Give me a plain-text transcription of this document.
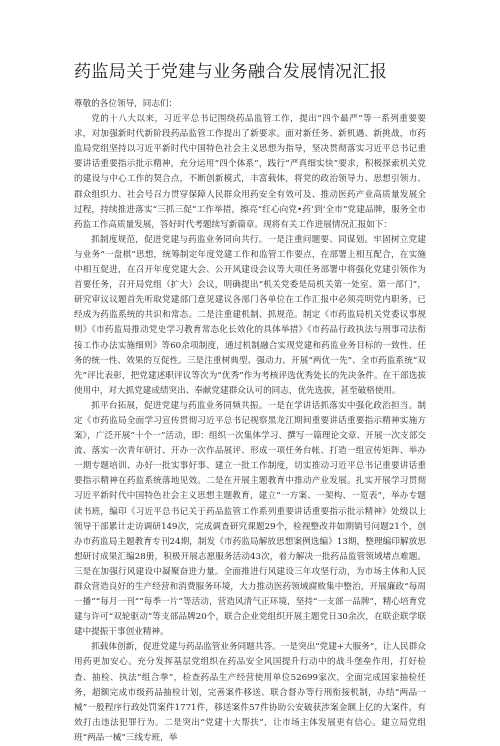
药监局关于党建与业务融合发展情况汇报

尊敬的各位领导，同志们：

党的十八大以来，习近平总书记围绕药品监管工作，提出“四个最严”等一系列重要要求，对加强新时代新阶段药品监管工作提出了新要求。面对新任务、新机遇、新挑战，市药监局党组坚持以习近平新时代中国特色社会主义思想为指导，坚决贯彻落实习近平总书记重要讲话重要指示批示精神，充分运用“四个体系”，践行“严真细实快”要求，积极探索机关党的建设与中心工作的契合点，不断创新模式，丰富载体，将党的政治领导力、思想引领力、群众组织力、社会号召力贯穿保障人民群众用药安全有效可及、推动医药产业高质量发展全过程，持续推进落实“三抓三促”工作举措，擦亮“红心向党•药’到’全市”党建品牌，服务全市药监工作高质量发展，答好时代考题续写新篇章。现将有关工作进展情况汇报如下：

抓制度规范，促进党建与药监业务同向共行。一是注重问题要、同谋划。牢固树立党建与业务“一盘棋”思想，统筹制定年度党建工作和监管工作要点，在部署上相互配合，在实施中相互促进，在召开年度党建大会、公开风建设会议等大项任务部署中将强化党建引领作为首要任务，召开局党组（扩大）会议，明确提出“机关党委是局机关第一处室、第一部门”，研究审议议题首先听取党建部门意见建议各部门各单位在工作汇报中必须亮明党内职务，已经成为药监系统的共识和常态。二是注重建机制、抓规范。制定《市药监局机关党委议事规则》《市药监局推动党史学习教育常态化长效化的具体举措》《市药品行政执法与刑事司法衔接工作办法实施细则》等60余项制度，通过机制融合实现党建和药监业务目标的一致性、任务的统一性、效果的互促性。三是注重树典型、强动力。开展“两优一先”、全市药监系统“双先”评比表彰，把党建述职评议等次为“优秀”作为考核评选优秀处长的先决条件。在干部选拔使用中，对大抓党建成绩突出、奉献党建群众认可的同志，优先选拔，甚至破格使用。

抓平台拓展，促进党建与药监业务同频共振。一是在学讲话抓落实中强化政治担当。制定《市药监局全面学习宣传贯彻习近平总书记视察黑龙江期间重要讲话重要指示精神实施方案》，广泛开展“十个一”活动，即：组织一次集体学习、撰写一篇理论文章、开展一次支部交流、落实一次青年研讨、开办一次作品展评、形成一项任务台帐、打造一组宣传矩阵、举办一期专题培训、办好一批实事好事、建立一批工作制度，切实推动习近平总书记重要讲话重要指示精神在药监系统落地见效。二是在开展主题教育中推动产业发展。扎实开展学习贯彻习近平新时代中国特色社会主义思想主题教育，建立“一方案、一架构、一览表”，举办专题读书班，编印《习近平总书记关于药品监管工作系列重要讲话重要指示批示精神》处级以上领导干部累计走访调研149次，完成调查研究课题29个，检视整改并如期销号问题21个，创办市药监局主题教育专刊24期，制发《市药监局解放思想案例选编》13期，整理编印解放思想研讨成果汇编28册，积极开展志愿服务活动43次，着力解决一批药品监管领域堵点难题。三是在加强行风建设中凝聚奋进力量。全面推进行风建设三年攻坚行动，为市场主体和人民群众营造良好的生产经营和消费服务环境，大力推动医药领域腐败集中整治，开展廉政“每周一播”“每月一刊”“每季一片”等活动，营造风清气正环境，坚持“一支部一品牌”，精心培育党建与许可“双轮驱动”等支部品牌20个，联合企业党组织开展主题党日30余次，在联企联学联建中提振干事创业精神。

抓载体创新，促进党建与药品监管业务同题共答。一是突出“党建+大服务”，让人民群众用药更加安心。充分发挥基层党组织在药品安全风国提升行动中的战斗堡垒作用，打好检查、抽检、执法“组合拳”，检查药品生产经营使用单位52699家次，全面完成国家抽检任务，超额完成市级药品抽检计划，完善案件移送、联合督办等行刑衔接机制，办结“两品一械”一般程序行政处罚案件1771件，移送案件57件协助公安破获涉案金额上亿的大案件，有效打击违法犯罪行为。二是突出“党建十大帮扶”，让市场主体发展更有信心。建立局党组班“两品一械”三线专班，举
